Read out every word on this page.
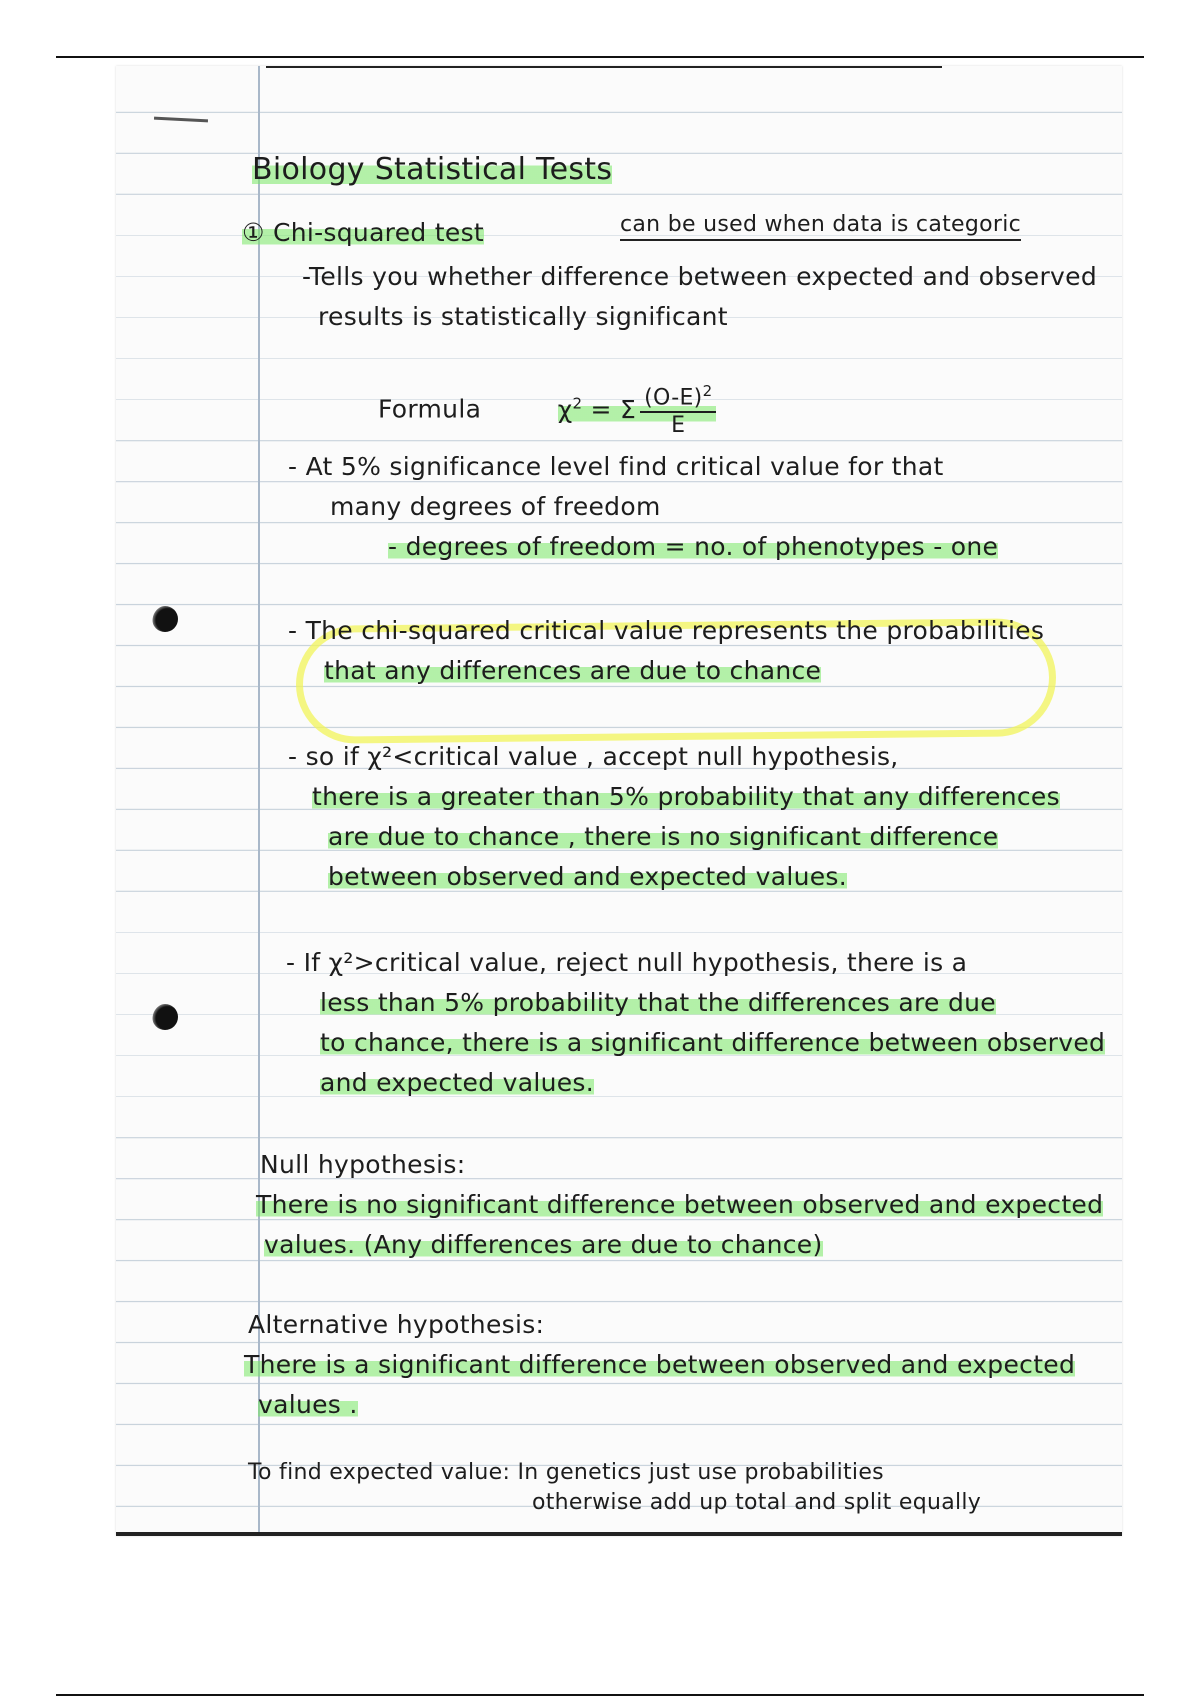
Biology Statistical Tests
① Chi-squared test	can be used when data is categoric
-Tells you whether difference between expected and observed
results is statistically significant
Formula	$\chi^2 = \Sigma \frac{(O-E)^2}{E}$
- At 5% significance level find critical value for that
many degrees of freedom
- degrees of freedom = no. of phenotypes - one
- The chi-squared critical value represents the probabilities
that any differences are due to chance
- so if χ²<critical value , accept null hypothesis,
there is a greater than 5% probability that any differences
are due to chance , there is no significant difference
between observed and expected values.
- If χ²>critical value, reject null hypothesis, there is a
less than 5% probability that the differences are due
to chance, there is a significant difference between observed
and expected values.
Null hypothesis:
There is no significant difference between observed and expected
values. (Any differences are due to chance)
Alternative hypothesis:
There is a significant difference between observed and expected
values .
To find expected value: In genetics just use probabilities
otherwise add up total and split equally
